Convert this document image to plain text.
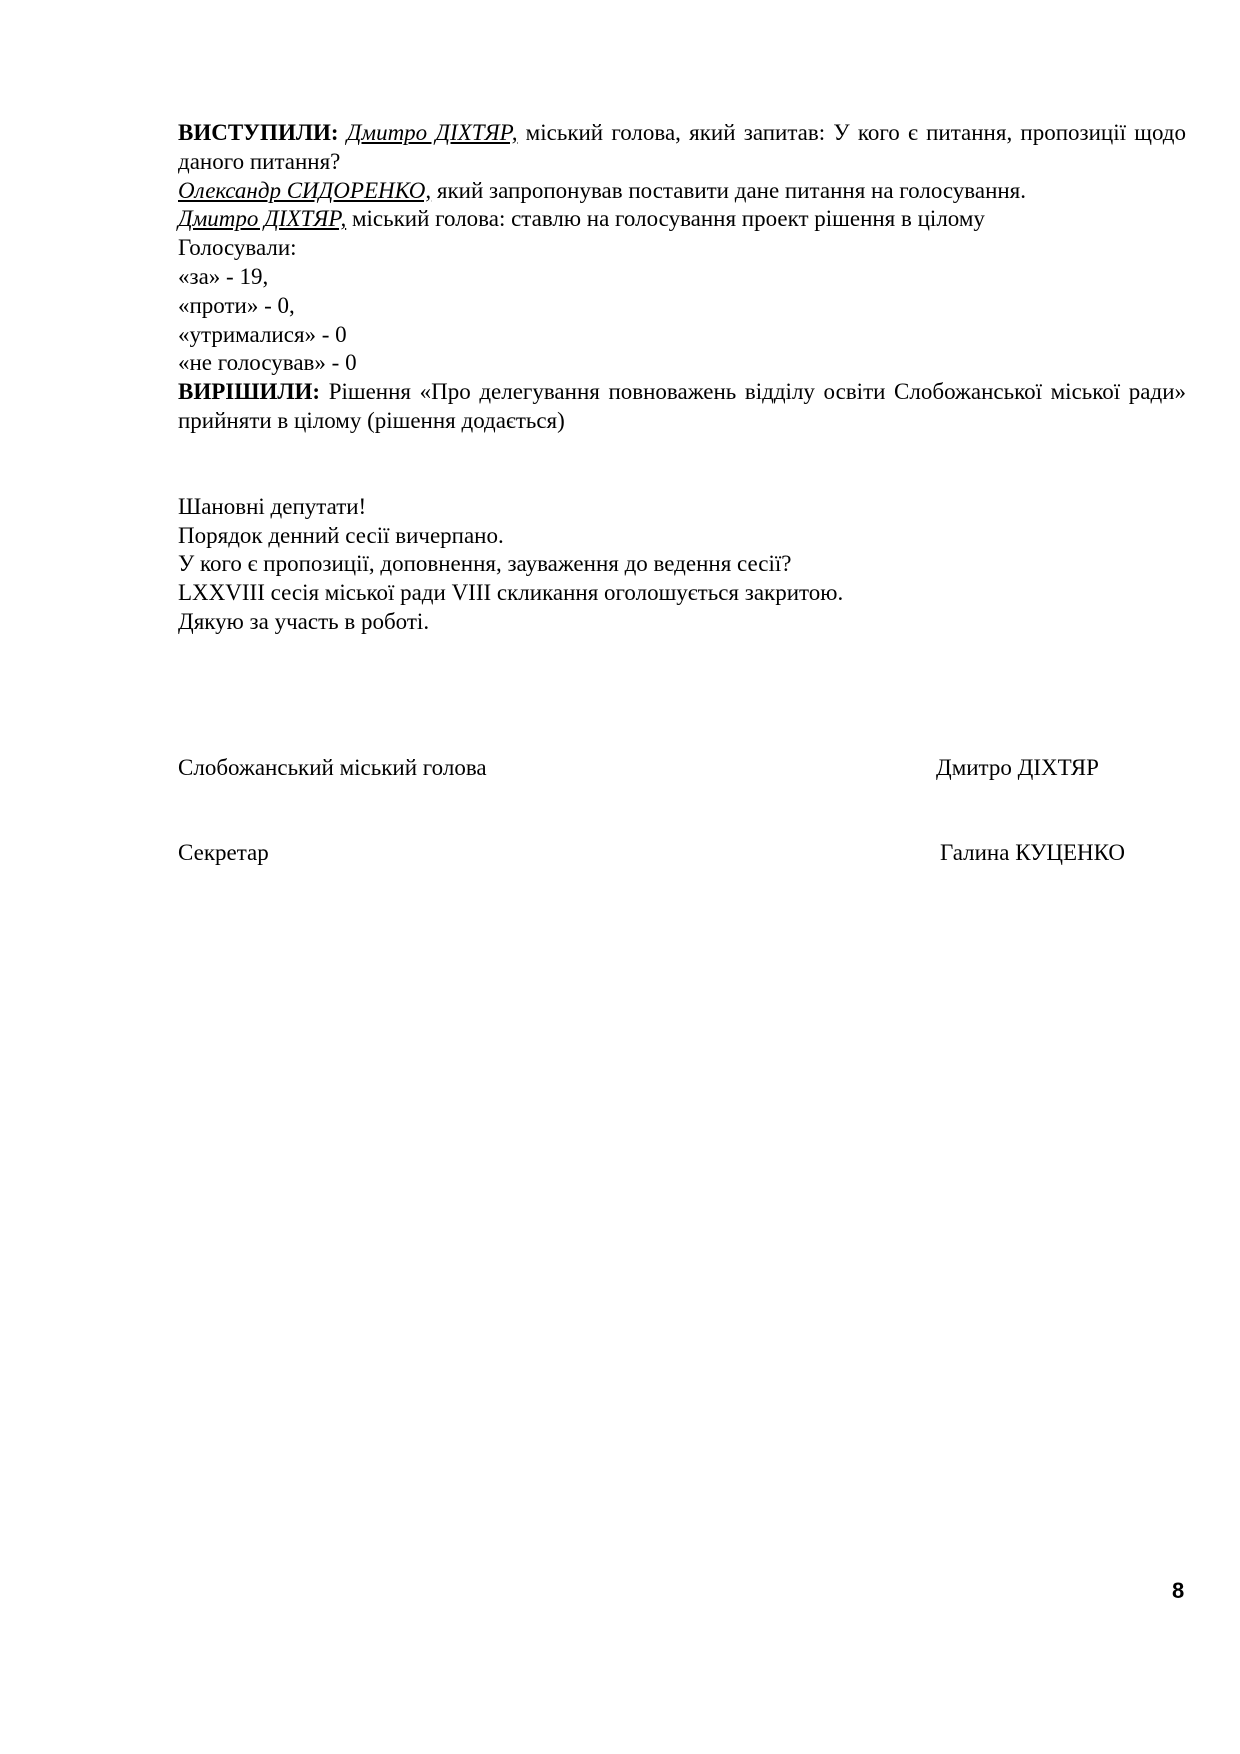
ВИСТУПИЛИ: Дмитро ДІХТЯР, міський голова, який запитав: У кого є питання, пропозиції щодо даного питання?
Олександр СИДОРЕНКО, який запропонував поставити дане питання на голосування.
Дмитро ДІХТЯР, міський голова: ставлю на голосування проект рішення в цілому
Голосували:
«за» - 19,
«проти» - 0,
«утрималися» - 0
«не голосував» - 0
ВИРІШИЛИ: Рішення «Про делегування повноважень відділу освіти Слобожанської міської ради» прийняти в цілому (рішення додається)
Шановні депутати!
Порядок денний сесії вичерпано.
У кого є пропозиції, доповнення, зауваження до ведення сесії?
LXXVIII сесія міської ради VIII скликання оголошується закритою.
Дякую за участь в роботі.
Слобожанський міський голова	Дмитро ДІХТЯР
Секретар	Галина КУЦЕНКО
8
